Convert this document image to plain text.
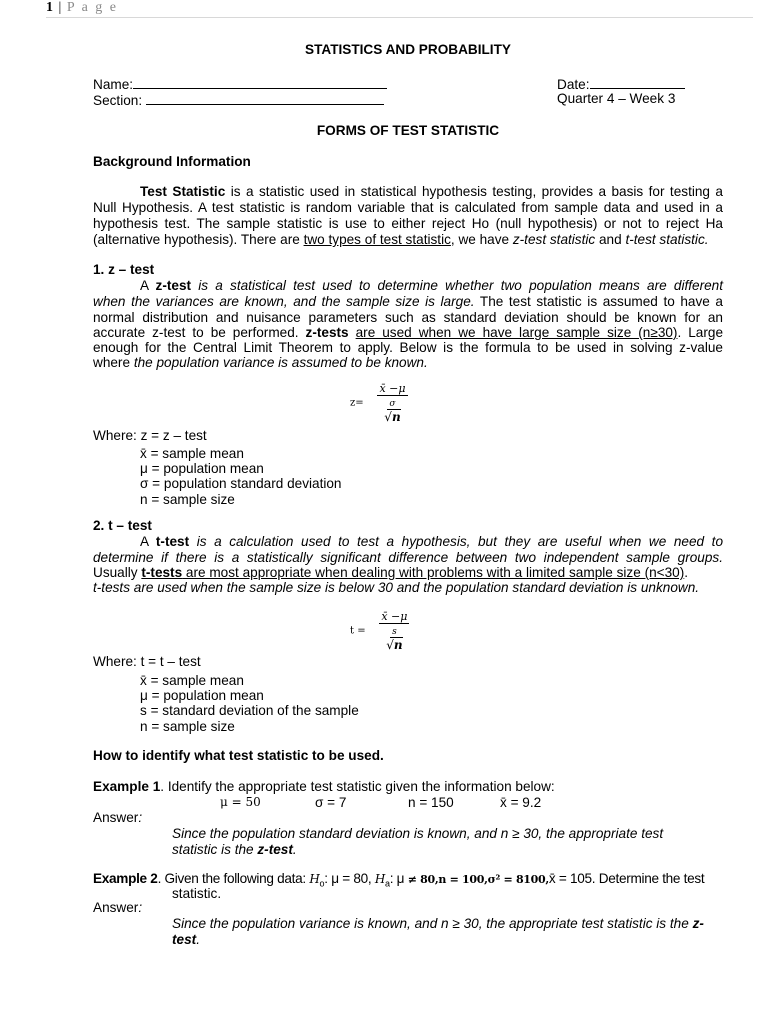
1 | P a g e
STATISTICS AND PROBABILITY
Name:
Section:
Date:
Quarter 4 – Week 3
FORMS OF TEST STATISTIC
Background Information
Test Statistic is a statistic used in statistical hypothesis testing, provides a basis for testing a
Null Hypothesis. A test statistic is random variable that is calculated from sample data and used in a
hypothesis test. The sample statistic is use to either reject Ho (null hypothesis) or not to reject Ha
(alternative hypothesis). There are two types of test statistic, we have z-test statistic and t-test statistic.
1. z – test
A z-test is a statistical test used to determine whether two population means are different
when the variances are known, and the sample size is large. The test statistic is assumed to have a
normal distribution and nuisance parameters such as standard deviation should be known for an
accurate z-test to be performed. z-tests are used when we have large sample size (n≥30). Large
enough for the Central Limit Theorem to apply. Below is the formula to be used in solving z-value
where the population variance is assumed to be known.
z=
x̄ −μ
σ
√n
Where: z = z – test
x̄ = sample mean
μ = population mean
σ = population standard deviation
n = sample size
2. t – test
A t-test is a calculation used to test a hypothesis, but they are useful when we need to
determine if there is a statistically significant difference between two independent sample groups.
Usually t-tests are most appropriate when dealing with problems with a limited sample size (n<30).
t-tests are used when the sample size is below 30 and the population standard deviation is unknown.
t =
x̄ −μ
s
√n
Where: t = t – test
x̄ = sample mean
μ = population mean
s = standard deviation of the sample
n = sample size
How to identify what test statistic to be used.
Example 1. Identify the appropriate test statistic given the information below:
μ = 50	σ = 7	n = 150	x̄ = 9.2
Answer:
Since the population standard deviation is known, and n ≥ 30, the appropriate test
statistic is the z-test.
Example 2. Given the following data: $H_o$: μ = 80, $H_a$: μ ≠ 80,n = 100,σ² = 8100,x̄ = 105. Determine the test
statistic.
Answer:
Since the population variance is known, and n ≥ 30, the appropriate test statistic is the z-
test.
